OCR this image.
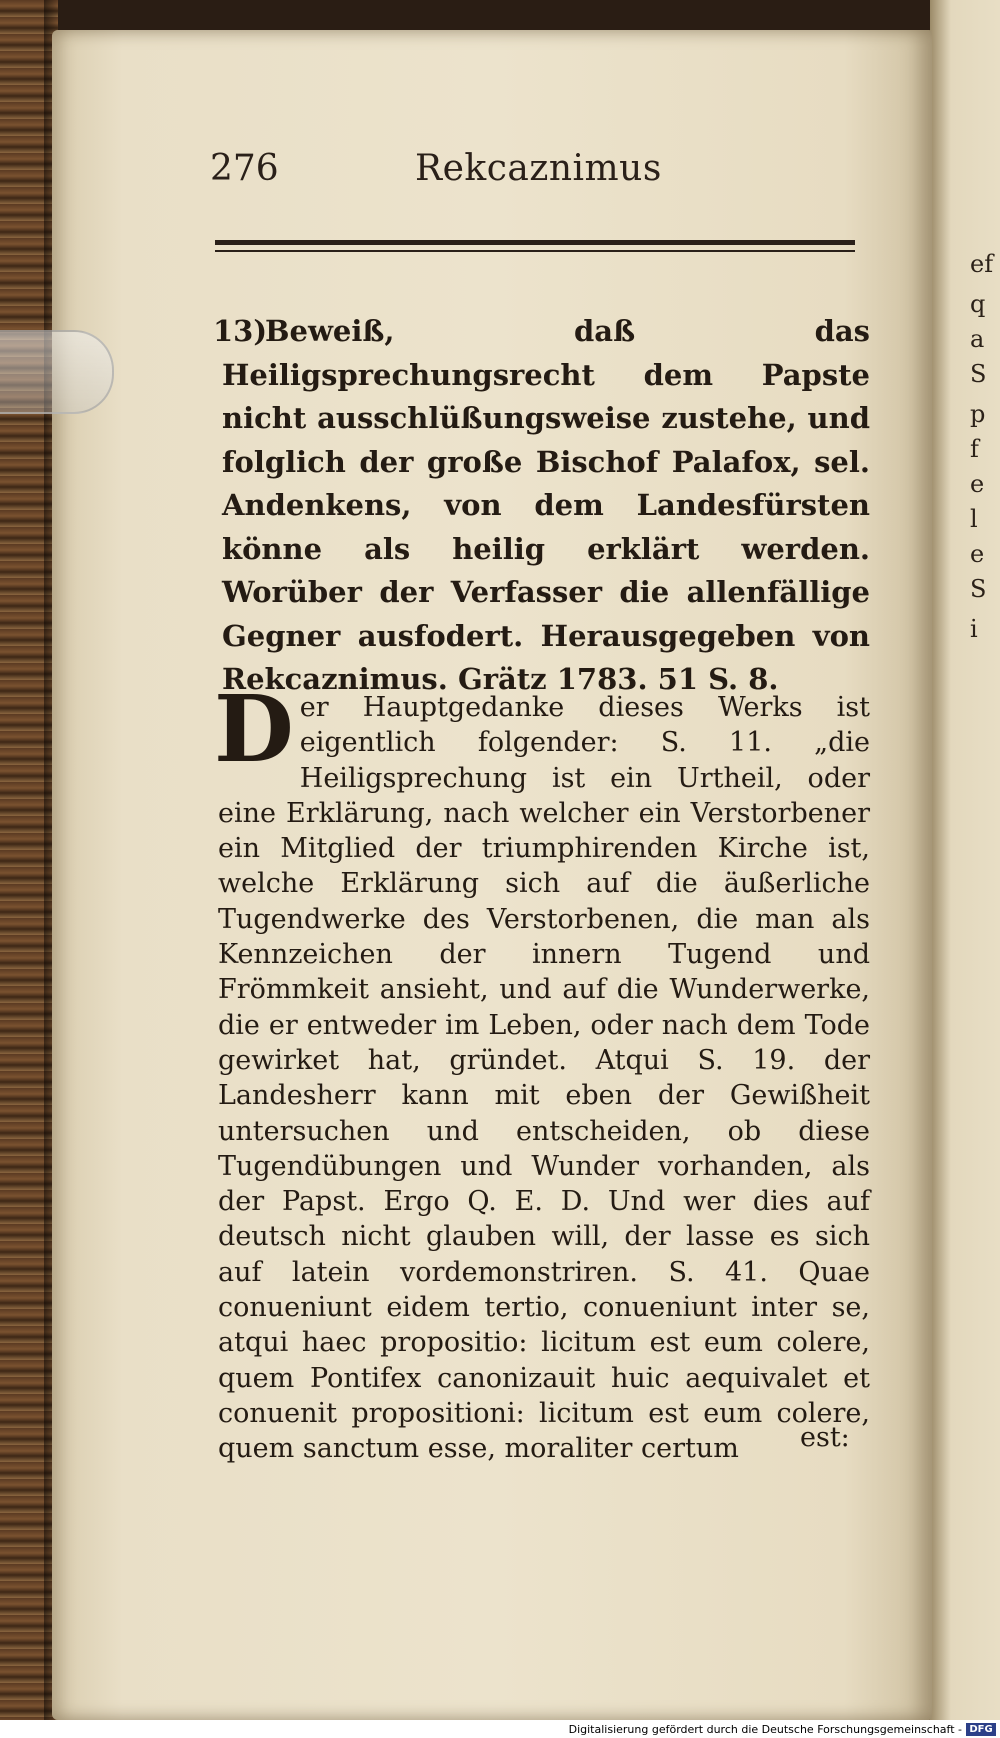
ef
q
a
S
p
f
e
l
e
S
i
276	Rekcaznimus
13)
Beweiß, daß das Heiligsprechungsrecht dem Papste nicht ausschlüßungsweise zustehe, und folglich der große Bischof Palafox, sel. Andenkens, von dem Landesfürsten könne als heilig erklärt werden. Worüber der Verfasser die allenfällige Gegner ausfodert. Herausgegeben von Rekcaznimus. Grätz 1783. 51 S. 8.
D er Hauptgedanke dieses Werks ist eigentlich folgender: S. 11. „die Heiligsprechung ist ein Urtheil, oder eine Erklärung, nach welcher ein Verstorbener ein Mitglied der triumphirenden Kirche ist, welche Erklärung sich auf die äußerliche Tugendwerke des Verstorbenen, die man als Kennzeichen der innern Tugend und Frömmkeit ansieht, und auf die Wunderwerke, die er entweder im Leben, oder nach dem Tode gewirket hat, gründet. Atqui S. 19. der Landesherr kann mit eben der Gewißheit untersuchen und entscheiden, ob diese Tugendübungen und Wunder vorhanden, als der Papst. Ergo Q. E. D. Und wer dies auf deutsch nicht glauben will, der lasse es sich auf latein vordemonstriren. S. 41. Quae conueniunt eidem tertio, conueniunt inter se, atqui haec propositio: licitum est eum colere, quem Pontifex canonizauit huic aequivalet et conuenit propositioni: licitum est eum colere, quem sanctum esse, moraliter certum	est:
Digitalisierung gefördert durch die Deutsche Forschungsgemeinschaft - DFG
